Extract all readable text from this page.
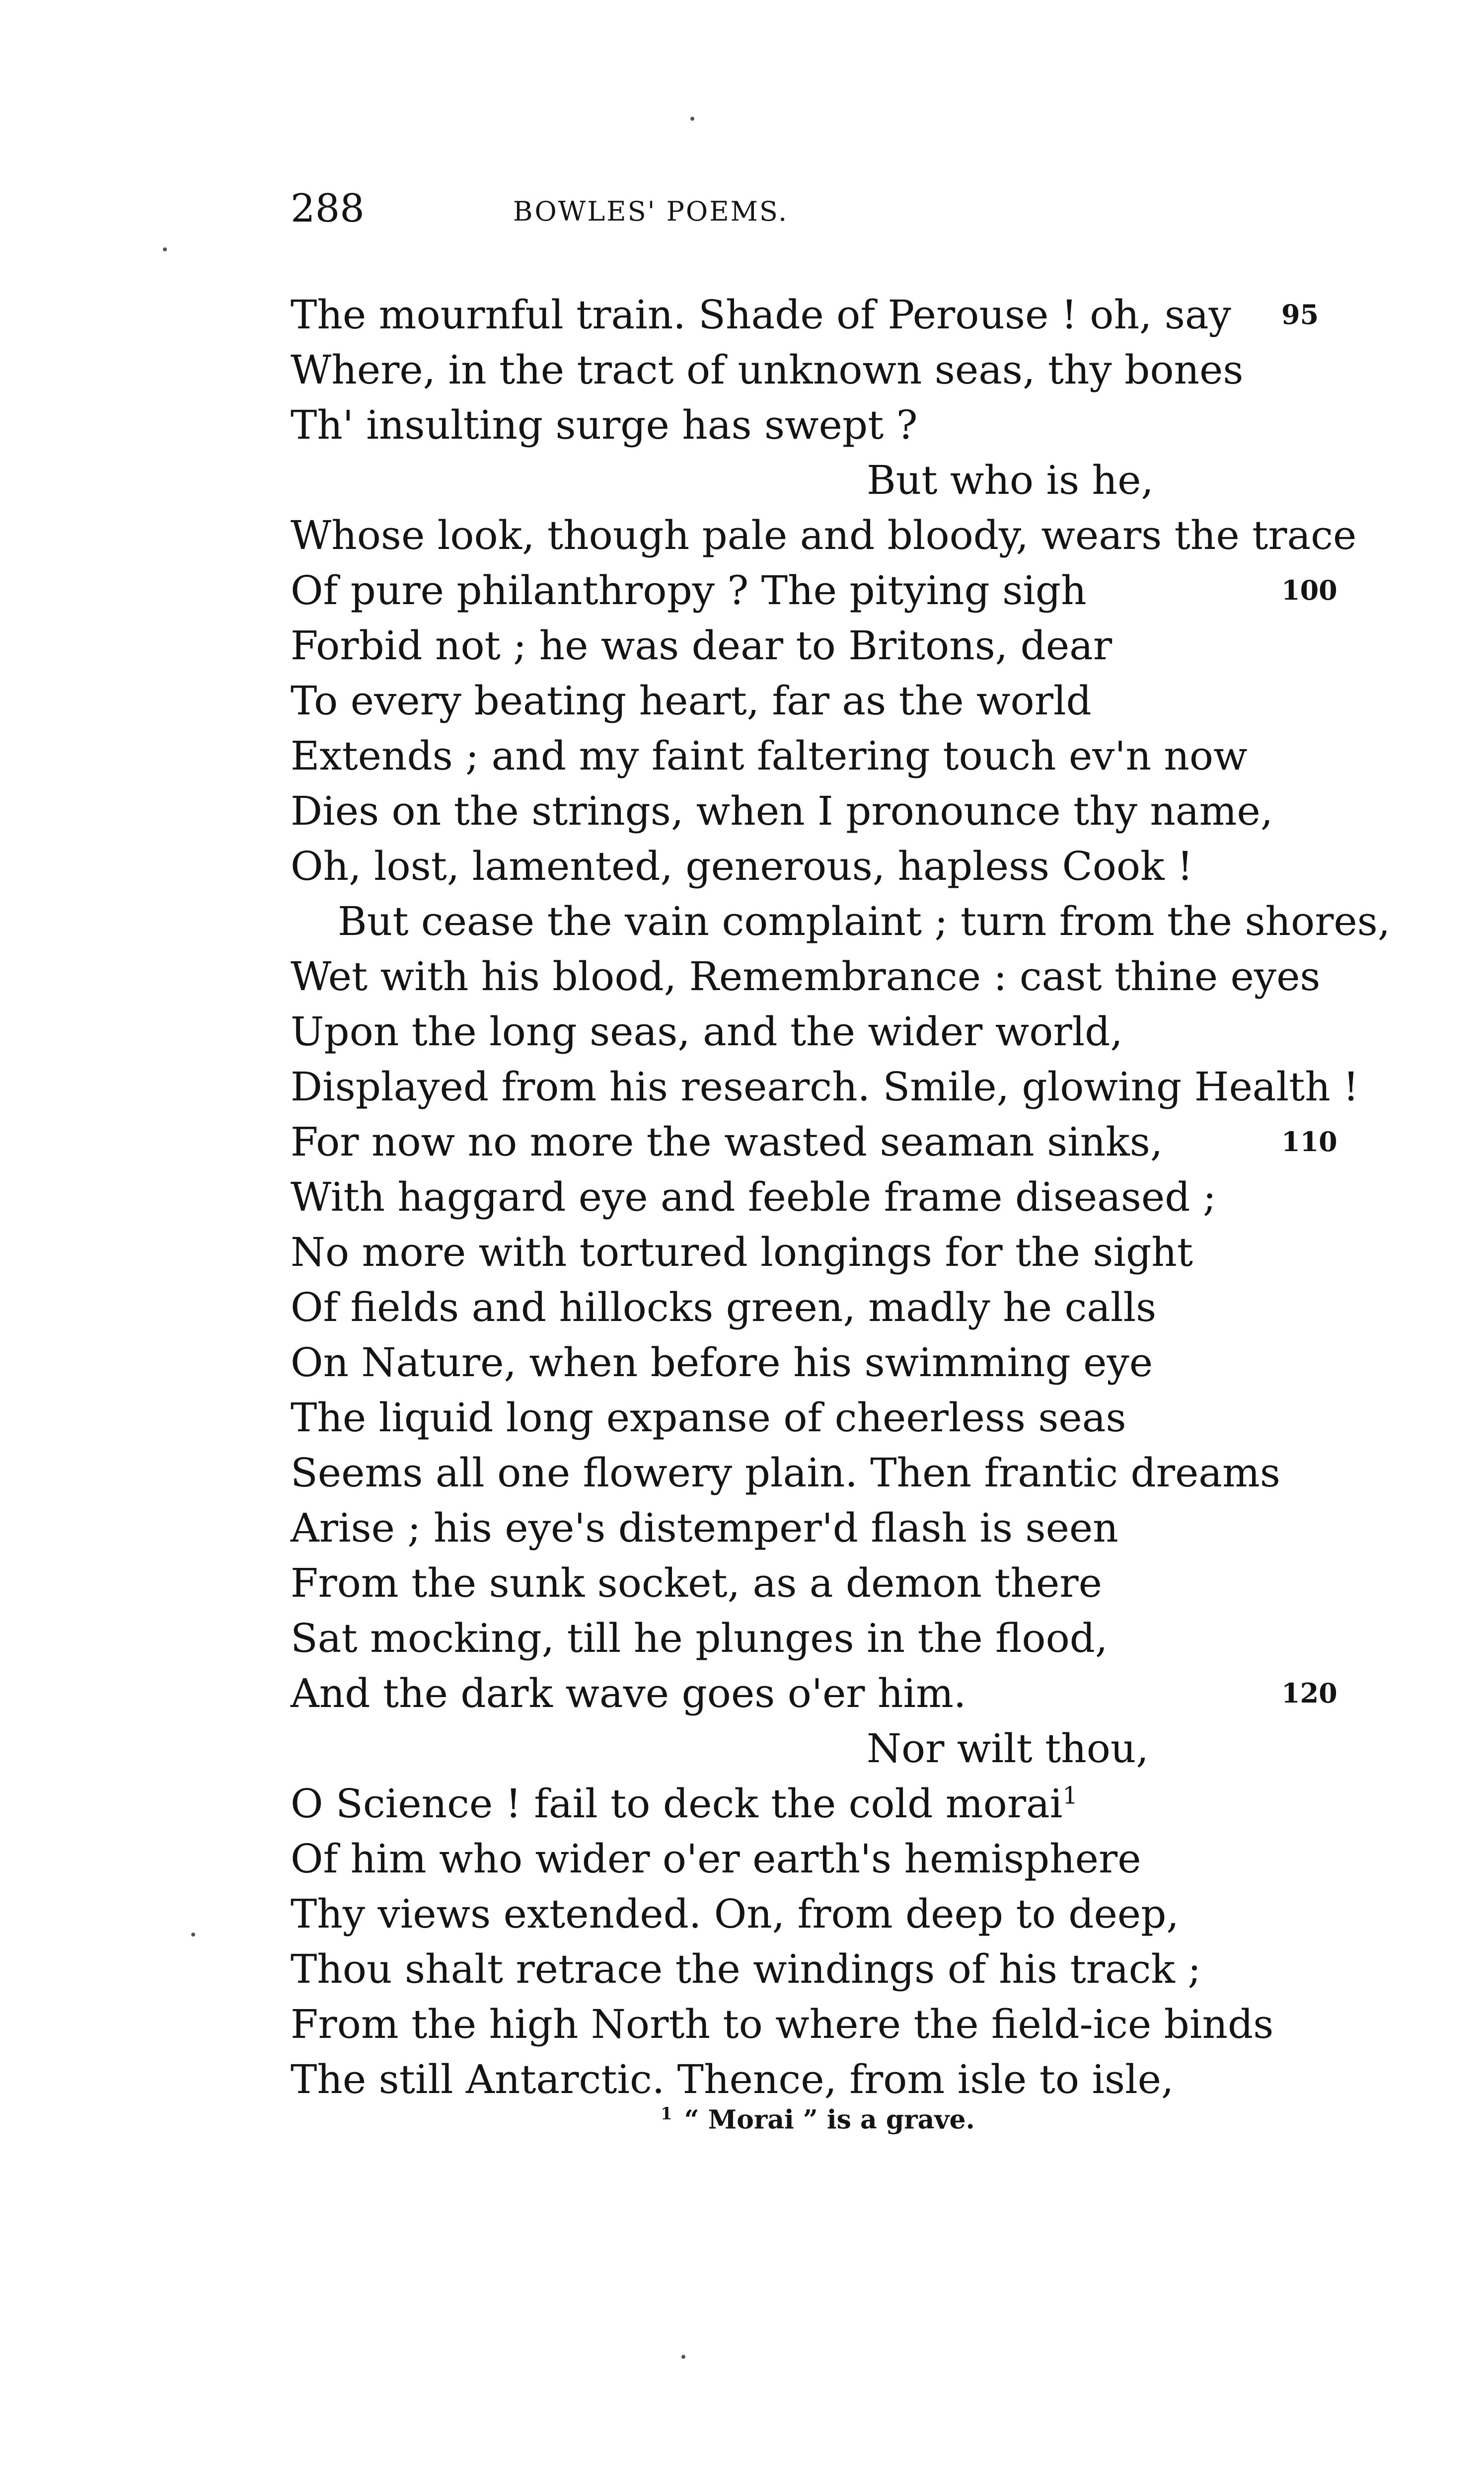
288	BOWLES' POEMS.
The mournful train. Shade of Perouse ! oh, say 95
Where, in the tract of unknown seas, thy bones
Th' insulting surge has swept ?
But who is he,
Whose look, though pale and bloody, wears the trace
Of pure philanthropy ? The pitying sigh	100
Forbid not ; he was dear to Britons, dear
To every beating heart, far as the world
Extends ; and my faint faltering touch ev'n now
Dies on the strings, when I pronounce thy name,
Oh, lost, lamented, generous, hapless Cook !
But cease the vain complaint ; turn from the shores,
Wet with his blood, Remembrance : cast thine eyes
Upon the long seas, and the wider world,
Displayed from his research. Smile, glowing Health !
For now no more the wasted seaman sinks,	110
With haggard eye and feeble frame diseased ;
No more with tortured longings for the sight
Of fields and hillocks green, madly he calls
On Nature, when before his swimming eye
The liquid long expanse of cheerless seas
Seems all one flowery plain. Then frantic dreams
Arise ; his eye's distemper'd flash is seen
From the sunk socket, as a demon there
Sat mocking, till he plunges in the flood,
And the dark wave goes o'er him.	120
Nor wilt thou,
O Science ! fail to deck the cold morai$^1$
Of him who wider o'er earth's hemisphere
Thy views extended. On, from deep to deep,
Thou shalt retrace the windings of his track ;
From the high North to where the field-ice binds
The still Antarctic. Thence, from isle to isle,
$^1$ “ Morai ” is a grave.
